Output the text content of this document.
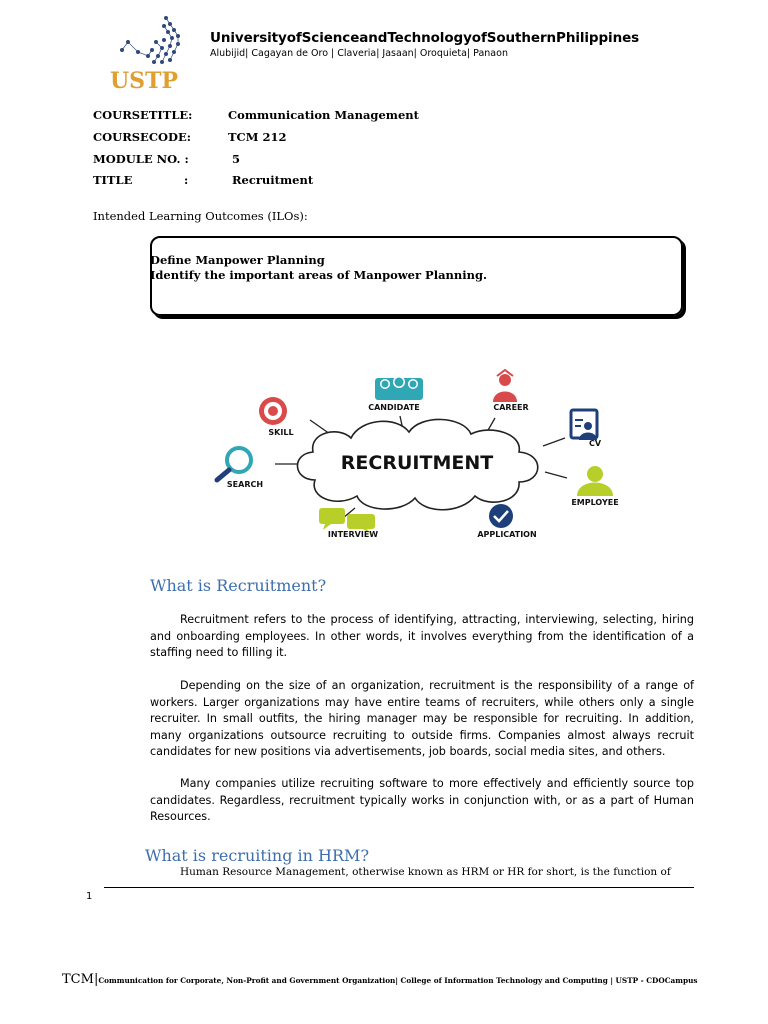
USTP
UniversityofScienceandTechnologyofSouthernPhilippines
Alubijid| Cagayan de Oro | Claveria| Jasaan| Oroquieta| Panaon
COURSETITLE:	Communication Management
COURSECODE:	TCM 212
MODULE NO. :	5
TITLE	:	Recruitment
Intended Learning Outcomes (ILOs):
Define Manpower Planning
Identify the important areas of Manpower Planning.
RECRUITMENT
CANDIDATE	CAREER
SKILL
CV
SEARCH
EMPLOYEE
INTERVIEW	APPLICATION
What is Recruitment?

Recruitment refers to the process of identifying, attracting, interviewing, selecting, hiring and onboarding employees. In other words, it involves everything from the identification of a staffing need to filling it.

Depending on the size of an organization, recruitment is the responsibility of a range of workers. Larger organizations may have entire teams of recruiters, while others only a single recruiter. In small outfits, the hiring manager may be responsible for recruiting. In addition, many organizations outsource recruiting to outside firms. Companies almost always recruit candidates for new positions via advertisements, job boards, social media sites, and others.

Many companies utilize recruiting software to more effectively and efficiently source top candidates. Regardless, recruitment typically works in conjunction with, or as a part of Human Resources.

What is recruiting in HRM?
Human Resource Management, otherwise known as HRM or HR for short, is the function of
1
TCM|Communication for Corporate, Non-Profit and Government Organization| College of Information Technology and Computing | USTP - CDOCampus
